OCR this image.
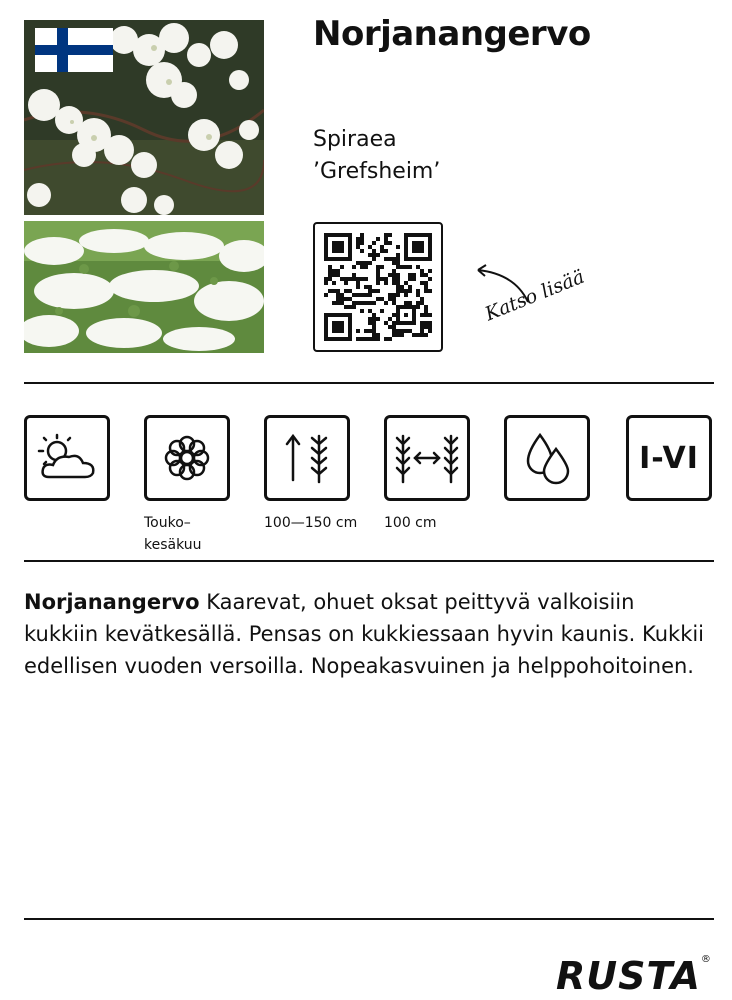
Norjanangervo
Spiraea
’Grefsheim’
Katso lisää
I-VI
Touko–
kesäkuu
100—150 cm 100 cm
Norjanangervo Kaarevat, ohuet oksat peittyvä valkoisiin kukkiin kevätkesällä. Pensas on kukkiessaan hyvin kaunis. Kukkii edellisen vuoden versoilla. Nopeakasvuinen ja helppohoitoinen.
RUSTA®
